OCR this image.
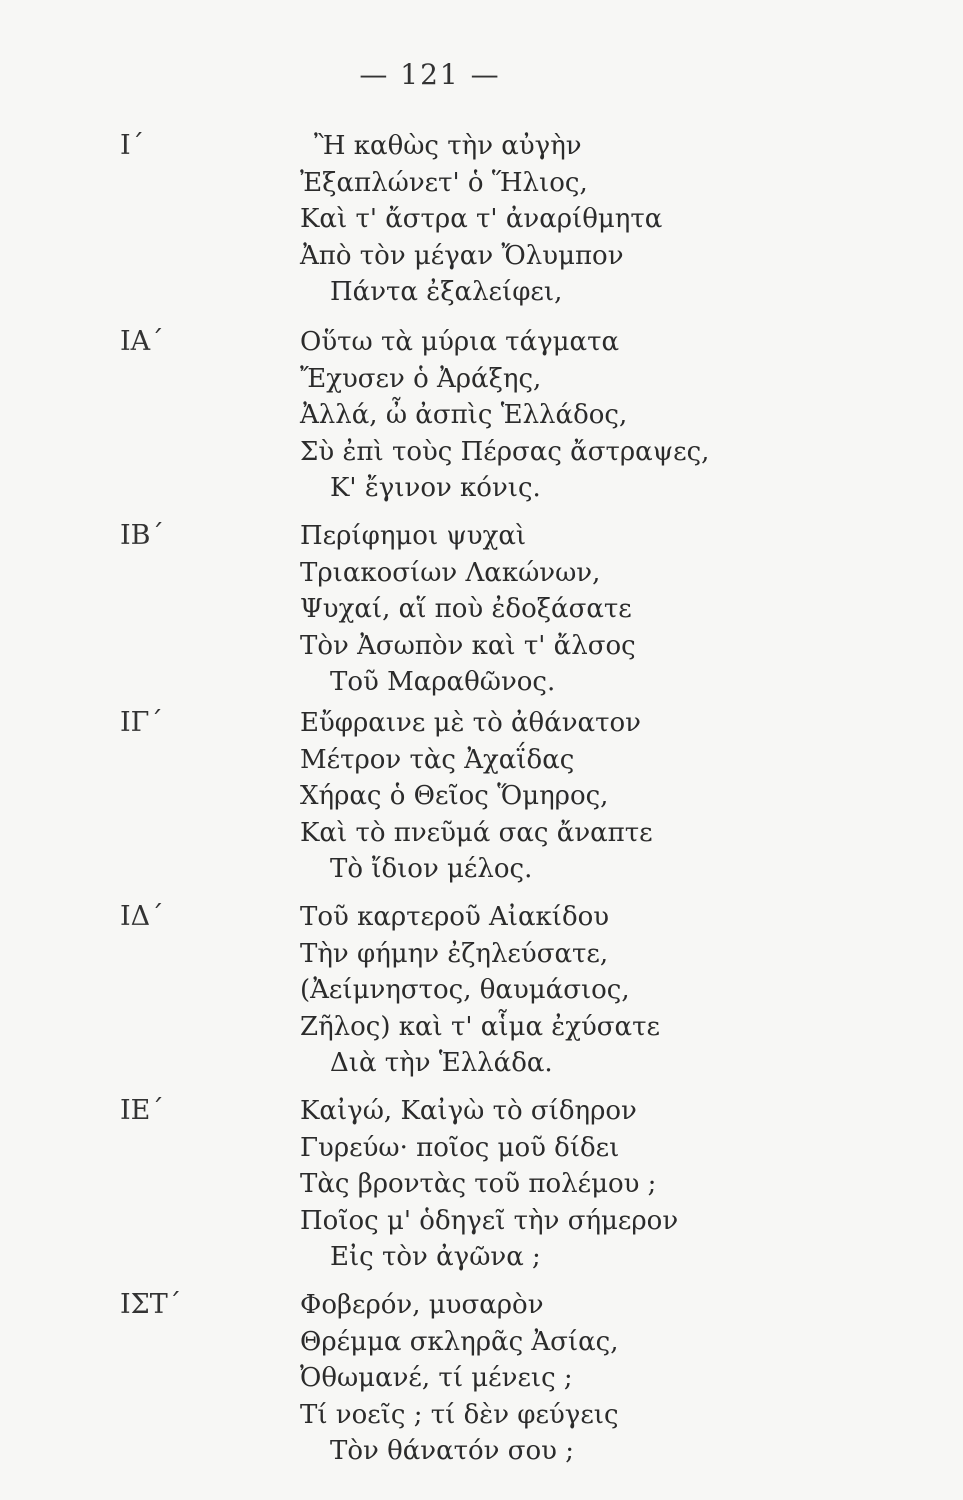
— 121 —
Ι΄	Ἢ καθὼς τὴν αὐγὴν
Ἐξαπλώνετ' ὁ Ἥλιος,
Καὶ τ' ἄστρα τ' ἀναρίθμητα
Ἀπὸ τὸν μέγαν Ὄλυμπον
Πάντα ἐξαλείφει,
ΙΑ΄	Οὕτω τὰ μύρια τάγματα
Ἔχυσεν ὁ Ἀράξης,
Ἀλλά, ὦ ἀσπὶς Ἑλλάδος,
Σὺ ἐπὶ τοὺς Πέρσας ἄστραψες,
Κ' ἔγινον κόνις.
ΙΒ΄	Περίφημοι ψυχαὶ
Τριακοσίων Λακώνων,
Ψυχαί, αἵ ποὺ ἐδοξάσατε
Τὸν Ἀσωπὸν καὶ τ' ἄλσος
Τοῦ Μαραθῶνος.
ΙΓ΄	Εὔφραινε μὲ τὸ ἀθάνατον
Μέτρον τὰς Ἀχαΐδας
Χήρας ὁ Θεῖος Ὅμηρος,
Καὶ τὸ πνεῦμά σας ἄναπτε
Τὸ ἴδιον μέλος.
ΙΔ΄	Τοῦ καρτεροῦ Αἰακίδου
Τὴν φήμην ἐζηλεύσατε,
(Ἀείμνηστος, θαυμάσιος,
Ζῆλος) καὶ τ' αἷμα ἐχύσατε
Διὰ τὴν Ἑλλάδα.
ΙΕ΄	Καἰγώ, Καἰγὼ τὸ σίδηρον
Γυρεύω· ποῖος μοῦ δίδει
Τὰς βροντὰς τοῦ πολέμου ;
Ποῖος μ' ὁδηγεῖ τὴν σήμερον
Εἰς τὸν ἀγῶνα ;
ΙΣΤ΄	Φοβερόν, μυσαρὸν
Θρέμμα σκληρᾶς Ἀσίας,
Ὀθωμανέ, τί μένεις ;
Τί νοεῖς ; τί δὲν φεύγεις
Τὸν θάνατόν σου ;
